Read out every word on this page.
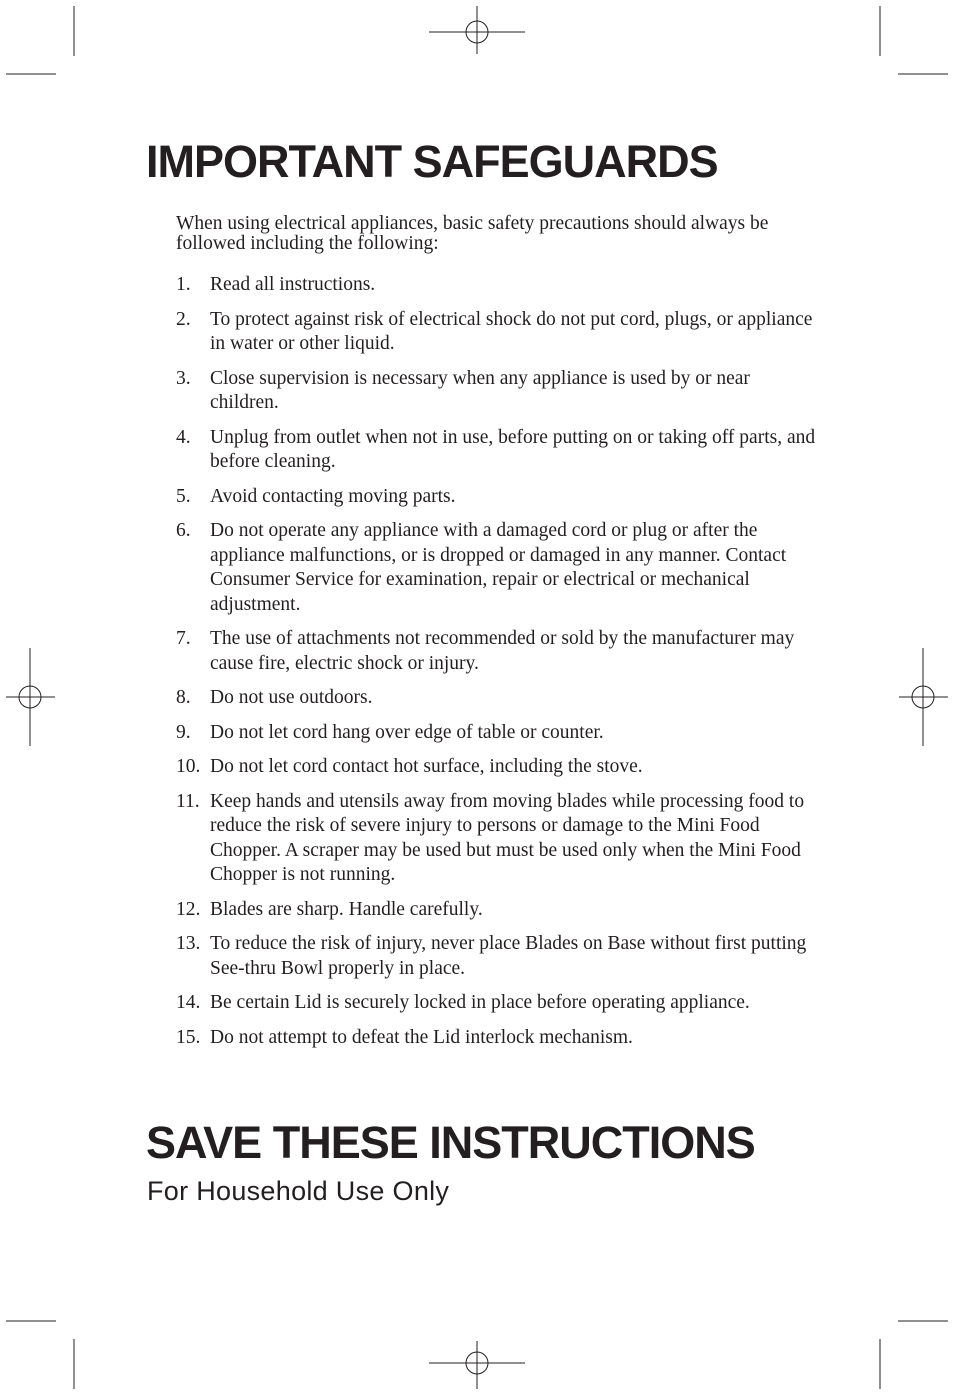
IMPORTANT SAFEGUARDS

When using electrical appliances, basic safety precautions should always be followed including the following:

1. Read all instructions.
2. To protect against risk of electrical shock do not put cord, plugs, or appliance in water or other liquid.
3. Close supervision is necessary when any appliance is used by or near children.
4. Unplug from outlet when not in use, before putting on or taking off parts, and before cleaning.
5. Avoid contacting moving parts.
6. Do not operate any appliance with a damaged cord or plug or after the appliance malfunctions, or is dropped or damaged in any manner. Contact Consumer Service for examination, repair or electrical or mechanical adjustment.
7. The use of attachments not recommended or sold by the manufacturer may cause fire, electric shock or injury.
8. Do not use outdoors.
9. Do not let cord hang over edge of table or counter.
10. Do not let cord contact hot surface, including the stove.
11. Keep hands and utensils away from moving blades while processing food to reduce the risk of severe injury to persons or damage to the Mini Food Chopper. A scraper may be used but must be used only when the Mini Food Chopper is not running.
12. Blades are sharp. Handle carefully.
13. To reduce the risk of injury, never place Blades on Base without first putting See-thru Bowl properly in place.
14. Be certain Lid is securely locked in place before operating appliance.
15. Do not attempt to defeat the Lid interlock mechanism.
SAVE THESE INSTRUCTIONS
For Household Use Only
